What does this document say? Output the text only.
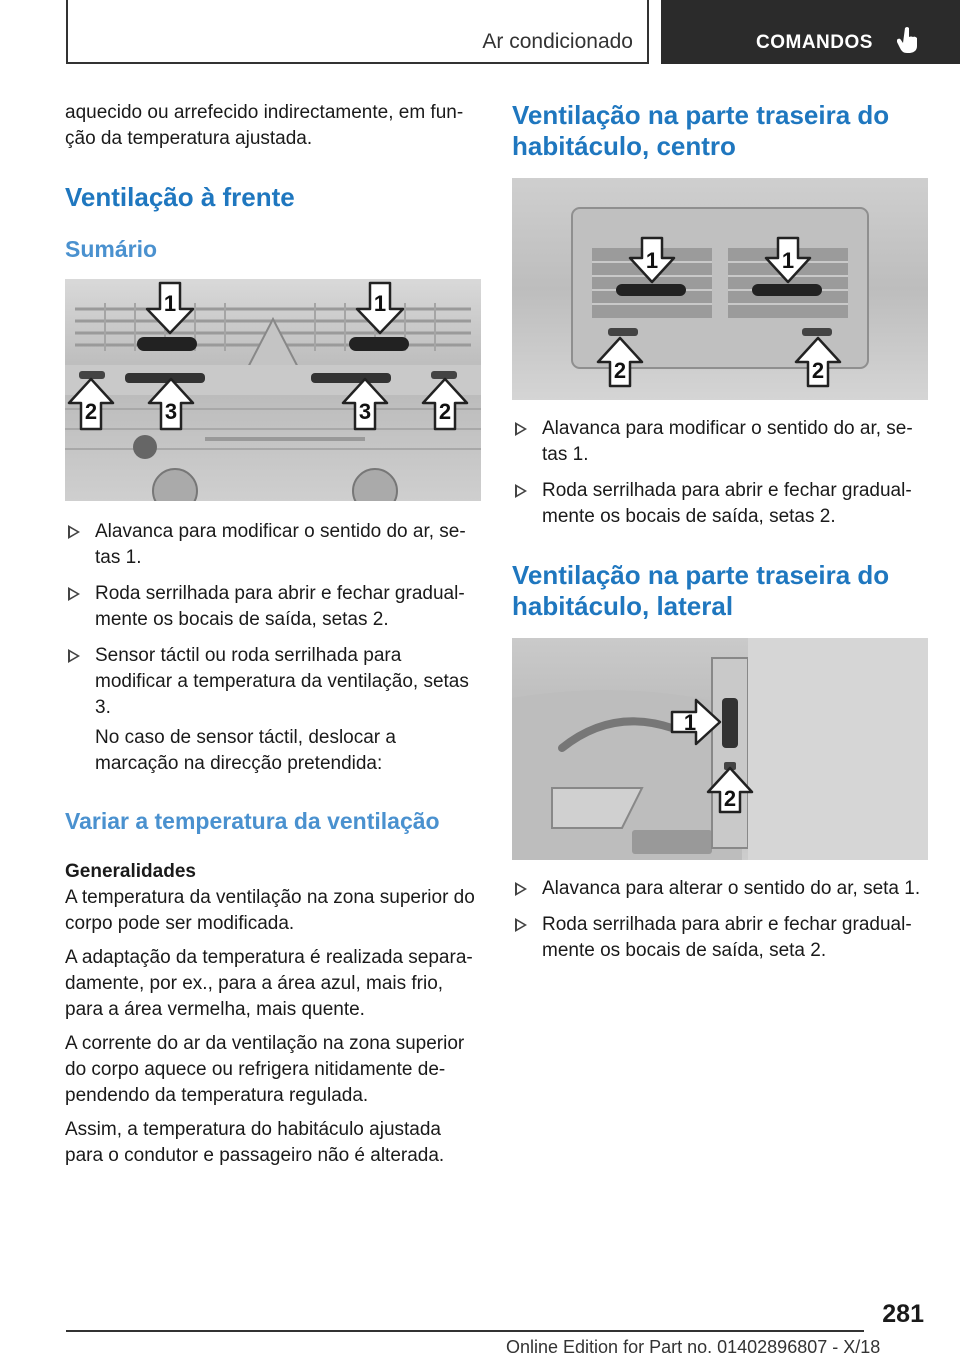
Ar condicionado	COMANDOS

aquecido ou arrefecido indirectamente, em fun-ção da temperatura ajustada.

Ventilação à frente
Sumário
1	1
2	3	3	2
Alavanca para modificar o sentido do ar, se-tas 1.
Roda serrilhada para abrir e fechar gradual-mente os bocais de saída, setas 2.
Sensor táctil ou roda serrilhada para modificar a temperatura da ventilação, setas 3.
No caso de sensor táctil, deslocar a marcação na direcção pretendida:
Variar a temperatura da ventilação
Generalidades

A temperatura da ventilação na zona superior do corpo pode ser modificada.

A adaptação da temperatura é realizada separa-damente, por ex., para a área azul, mais frio, para a área vermelha, mais quente.

A corrente do ar da ventilação na zona superior do corpo aquece ou refrigera nitidamente de-pendendo da temperatura regulada.

Assim, a temperatura do habitáculo ajustada para o condutor e passageiro não é alterada.

Ventilação na parte traseira do habitáculo, centro
1	1
2	2
Alavanca para modificar o sentido do ar, se-tas 1.
Roda serrilhada para abrir e fechar gradual-mente os bocais de saída, setas 2.
Ventilação na parte traseira do habitáculo, lateral
1
2
Alavanca para alterar o sentido do ar, seta 1.
Roda serrilhada para abrir e fechar gradual-mente os bocais de saída, seta 2.
281
Online Edition for Part no. 01402896807 - X/18
